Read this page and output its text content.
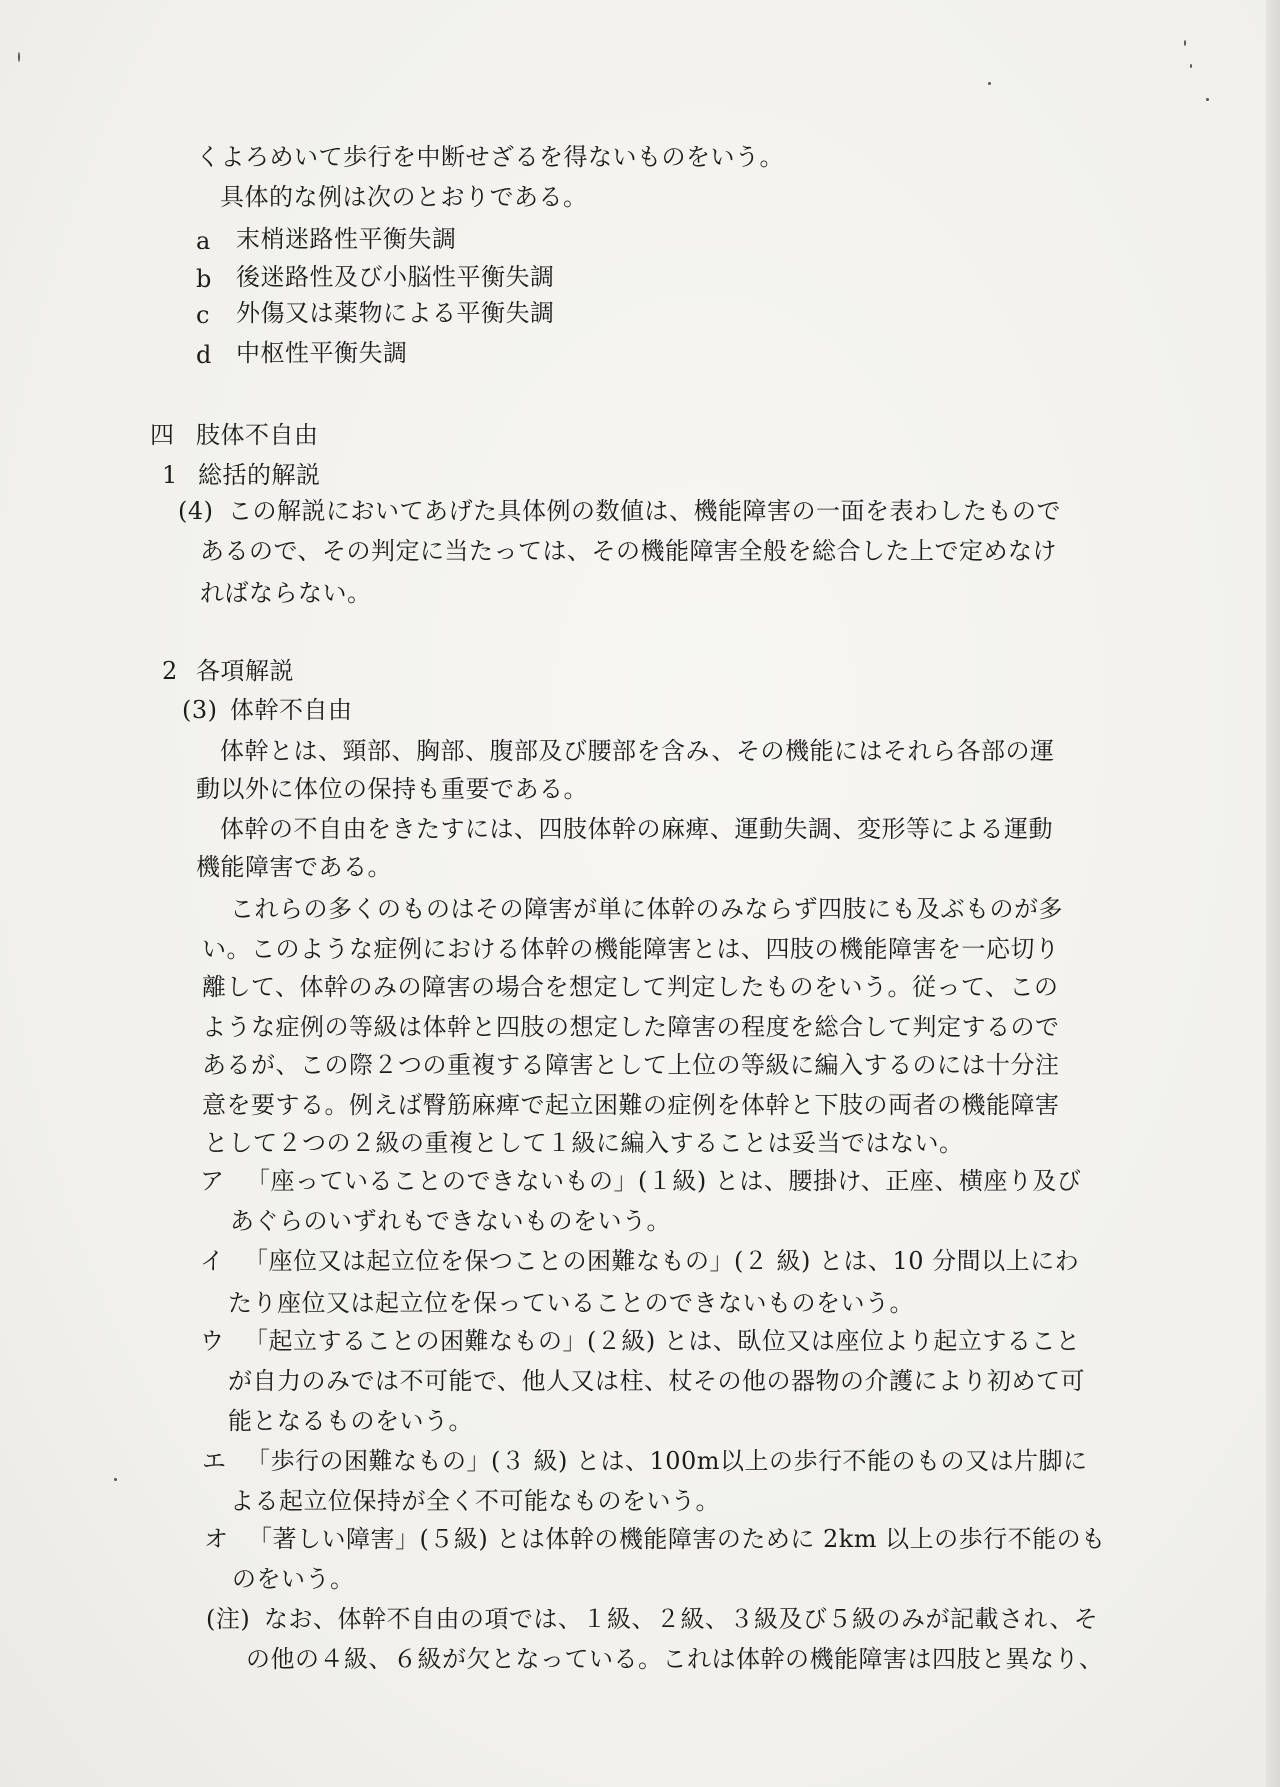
くよろめいて歩行を中断せざるを得ないものをいう。
具体的な例は次のとおりである。
a 末梢迷路性平衡失調
b 後迷路性及び小脳性平衡失調
c 外傷又は薬物による平衡失調
d 中枢性平衡失調
四 肢体不自由
1 総括的解説
(4) この解説においてあげた具体例の数値は、機能障害の一面を表わしたもので
あるので、その判定に当たっては、その機能障害全般を総合した上で定めなけ
ればならない。
2 各項解説
(3) 体幹不自由
体幹とは、頸部、胸部、腹部及び腰部を含み、その機能にはそれら各部の運
動以外に体位の保持も重要である。
体幹の不自由をきたすには、四肢体幹の麻痺、運動失調、変形等による運動
機能障害である。
これらの多くのものはその障害が単に体幹のみならず四肢にも及ぶものが多
い。このような症例における体幹の機能障害とは、四肢の機能障害を一応切り
離して、体幹のみの障害の場合を想定して判定したものをいう。従って、この
ような症例の等級は体幹と四肢の想定した障害の程度を総合して判定するので
あるが、この際２つの重複する障害として上位の等級に編入するのには十分注
意を要する。例えば臀筋麻痺で起立困難の症例を体幹と下肢の両者の機能障害
として２つの２級の重複として１級に編入することは妥当ではない。
ア 「座っていることのできないもの」(１級) とは、腰掛け、正座、横座り及び
あぐらのいずれもできないものをいう。
イ 「座位又は起立位を保つことの困難なもの」(２ 級) とは、10 分間以上にわ
たり座位又は起立位を保っていることのできないものをいう。
ウ 「起立することの困難なもの」(２級) とは、臥位又は座位より起立すること
が自力のみでは不可能で、他人又は柱、杖その他の器物の介護により初めて可
能となるものをいう。
エ 「歩行の困難なもの」(３ 級) とは、100m以上の歩行不能のもの又は片脚に
よる起立位保持が全く不可能なものをいう。
オ 「著しい障害」(５級) とは体幹の機能障害のために 2km 以上の歩行不能のも
のをいう。
(注) なお、体幹不自由の項では、１級、２級、３級及び５級のみが記載され、そ
の他の４級、６級が欠となっている。これは体幹の機能障害は四肢と異なり、
